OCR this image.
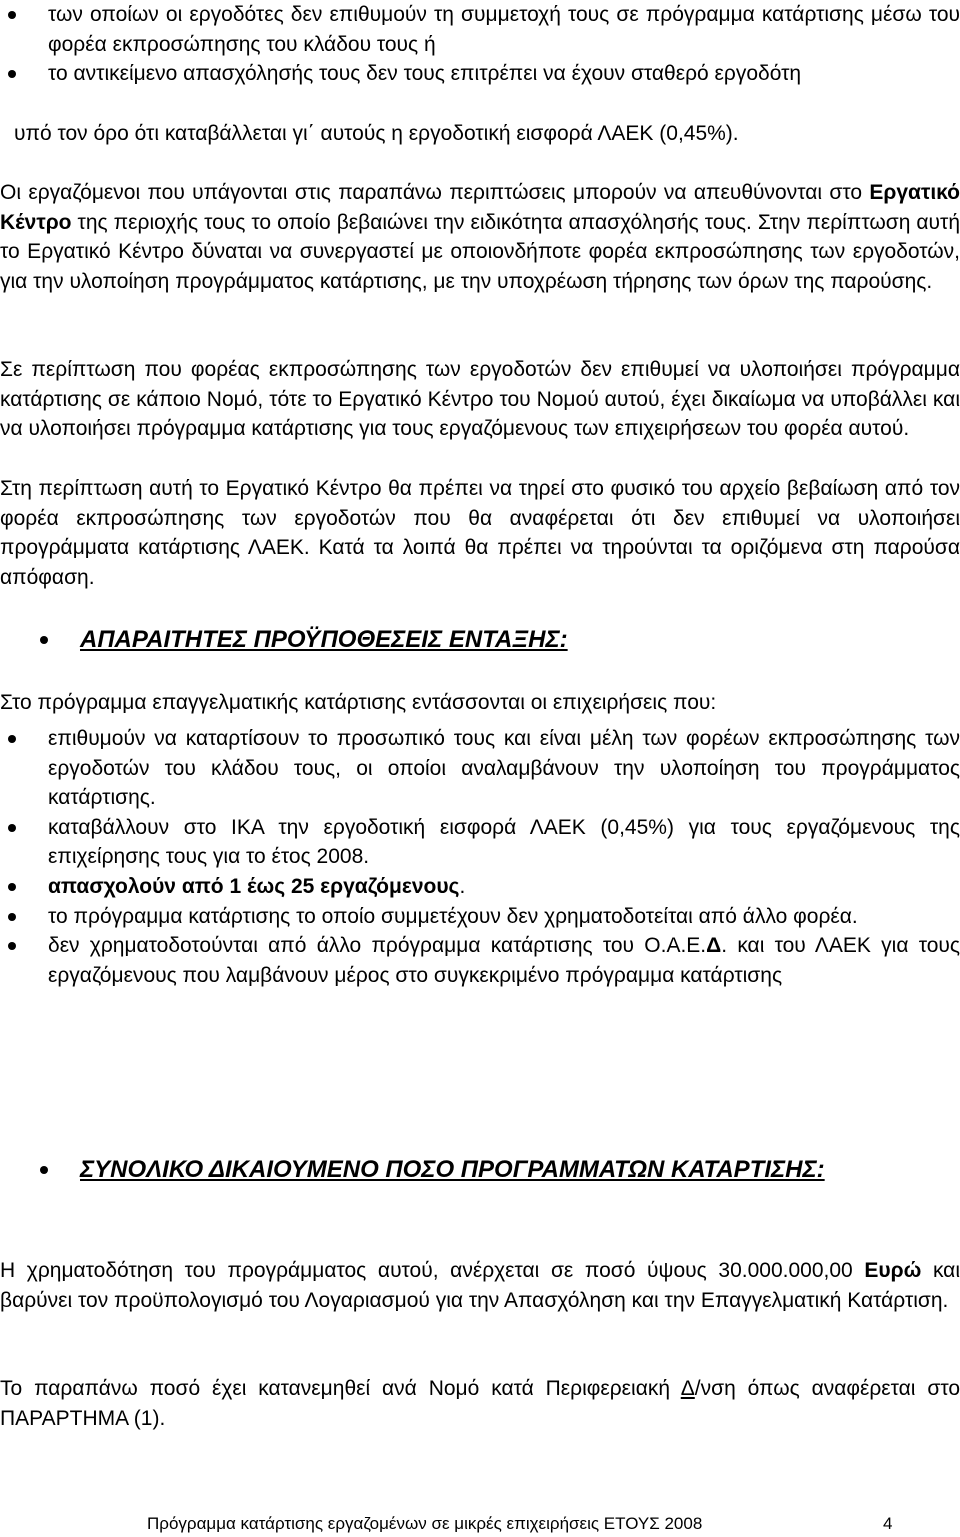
των οποίων οι εργοδότες δεν επιθυμούν τη συμμετοχή τους σε πρόγραμμα κατάρτισης μέσω του φορέα εκπροσώπησης του κλάδου τους ή

το αντικείμενο απασχόλησής τους δεν τους επιτρέπει να έχουν σταθερό εργοδότη

υπό τον όρο ότι καταβάλλεται γι΄ αυτούς η εργοδοτική εισφορά ΛΑΕΚ (0,45%).

Οι εργαζόμενοι που υπάγονται στις παραπάνω περιπτώσεις μπορούν να απευθύνονται στο Εργατικό Κέντρο της περιοχής τους το οποίο βεβαιώνει την ειδικότητα απασχόλησής τους. Στην περίπτωση αυτή το Εργατικό Κέντρο δύναται να συνεργαστεί με οποιονδήποτε φορέα εκπροσώπησης των εργοδοτών, για την υλοποίηση προγράμματος κατάρτισης, με την υποχρέωση τήρησης των όρων της παρούσης.

Σε περίπτωση που φορέας εκπροσώπησης των εργοδοτών δεν επιθυμεί να υλοποιήσει πρόγραμμα κατάρτισης σε κάποιο Νομό, τότε το Εργατικό Κέντρο του Νομού αυτού, έχει δικαίωμα να υποβάλλει και να υλοποιήσει πρόγραμμα κατάρτισης για τους εργαζόμενους των επιχειρήσεων του φορέα αυτού.

Στη περίπτωση αυτή το Εργατικό Κέντρο θα πρέπει να τηρεί στο φυσικό του αρχείο βεβαίωση από τον φορέα εκπροσώπησης των εργοδοτών που θα αναφέρεται ότι δεν επιθυμεί να υλοποιήσει προγράμματα κατάρτισης ΛΑΕΚ. Κατά τα λοιπά θα πρέπει να τηρούνται τα οριζόμενα στη παρούσα απόφαση.

ΑΠΑΡΑΙΤΗΤΕΣ ΠΡΟΫΠΟΘΕΣΕΙΣ ΕΝΤΑΞΗΣ:

Στο πρόγραμμα επαγγελματικής κατάρτισης εντάσσονται οι επιχειρήσεις που:

επιθυμούν να καταρτίσουν το προσωπικό τους και είναι μέλη των φορέων εκπροσώπησης των εργοδοτών του κλάδου τους, οι οποίοι αναλαμβάνουν την υλοποίηση του προγράμματος κατάρτισης.

καταβάλλουν στο ΙΚΑ την εργοδοτική εισφορά ΛΑΕΚ (0,45%) για τους εργαζόμενους της επιχείρησης τους για το έτος 2008.

απασχολούν από 1 έως 25 εργαζόμενους.

το πρόγραμμα κατάρτισης το οποίο συμμετέχουν δεν χρηματοδοτείται από άλλο φορέα.

δεν χρηματοδοτούνται από άλλο πρόγραμμα κατάρτισης του Ο.Α.Ε.Δ. και του ΛΑΕΚ για τους εργαζόμενους που λαμβάνουν μέρος στο συγκεκριμένο πρόγραμμα κατάρτισης

ΣΥΝΟΛΙΚΟ ΔΙΚΑΙΟΥΜΕΝΟ ΠΟΣΟ ΠΡΟΓΡΑΜΜΑΤΩΝ ΚΑΤΑΡΤΙΣΗΣ:

Η χρηματοδότηση του προγράμματος αυτού, ανέρχεται σε ποσό ύψους 30.000.000,00 Ευρώ και βαρύνει τον προϋπολογισμό του Λογαριασμού για την Απασχόληση και την Επαγγελματική Κατάρτιση.

Το παραπάνω ποσό έχει κατανεμηθεί ανά Νομό κατά Περιφερειακή Δ/νση όπως αναφέρεται στο ΠΑΡΑΡΤΗΜΑ (1).

Πρόγραμμα κατάρτισης εργαζομένων σε μικρές επιχειρήσεις ΕΤΟΥΣ 2008	4
